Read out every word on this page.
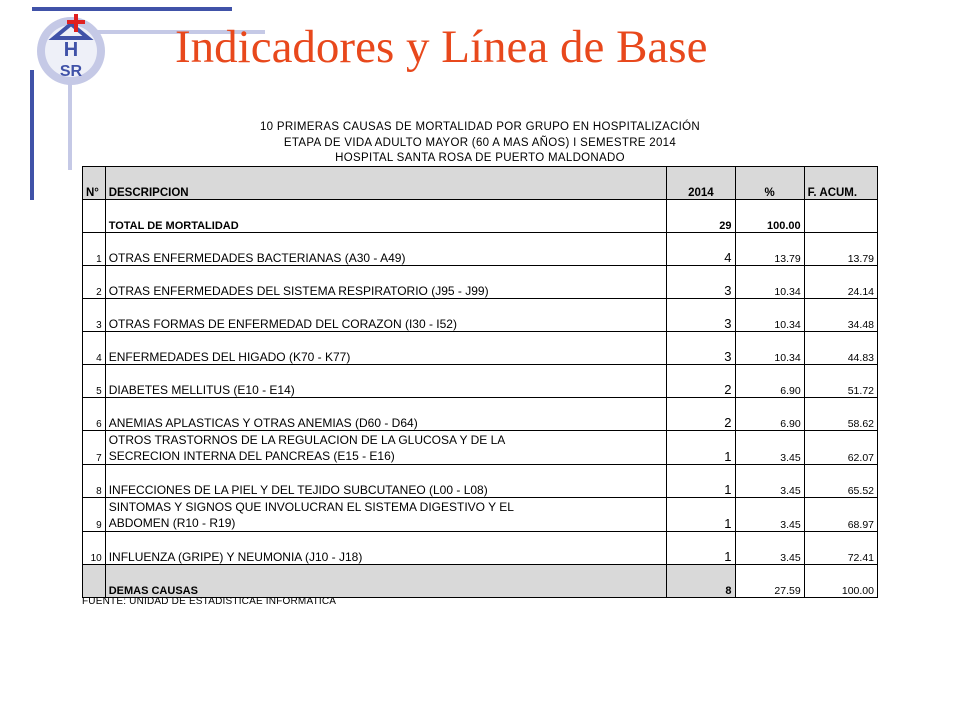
H
SR Indicadores y Línea de Base
10 PRIMERAS CAUSAS DE MORTALIDAD POR GRUPO EN HOSPITALIZACIÓN
ETAPA DE VIDA ADULTO MAYOR (60 A MAS AÑOS) I SEMESTRE 2014
HOSPITAL SANTA ROSA DE PUERTO MALDONADO
N°	DESCRIPCION	2014	%	F. ACUM.
	TOTAL DE MORTALIDAD	29	100.00	
1	OTRAS ENFERMEDADES BACTERIANAS (A30 - A49)	4	13.79	13.79
2	OTRAS ENFERMEDADES DEL SISTEMA RESPIRATORIO (J95 - J99)	3	10.34	24.14
3	OTRAS FORMAS DE ENFERMEDAD DEL CORAZON (I30 - I52)	3	10.34	34.48
4	ENFERMEDADES DEL HIGADO (K70 - K77)	3	10.34	44.83
5	DIABETES MELLITUS (E10 - E14)	2	6.90	51.72
6	ANEMIAS APLASTICAS Y OTRAS ANEMIAS (D60 - D64)	2	6.90	58.62
7	OTROS TRASTORNOS DE LA REGULACION DE LA GLUCOSA Y DE LA
SECRECION INTERNA DEL PANCREAS (E15 - E16)	1	3.45	62.07
8	INFECCIONES DE LA PIEL Y DEL TEJIDO SUBCUTANEO (L00 - L08)	1	3.45	65.52
9	SINTOMAS Y SIGNOS QUE INVOLUCRAN EL SISTEMA DIGESTIVO Y EL
ABDOMEN (R10 - R19)	1	3.45	68.97
10	INFLUENZA (GRIPE) Y NEUMONIA (J10 - J18)	1	3.45	72.41
	DEMAS CAUSAS	8	27.59	100.00
FUENTE: UNIDAD DE ESTADISTICAE INFORMATICA
